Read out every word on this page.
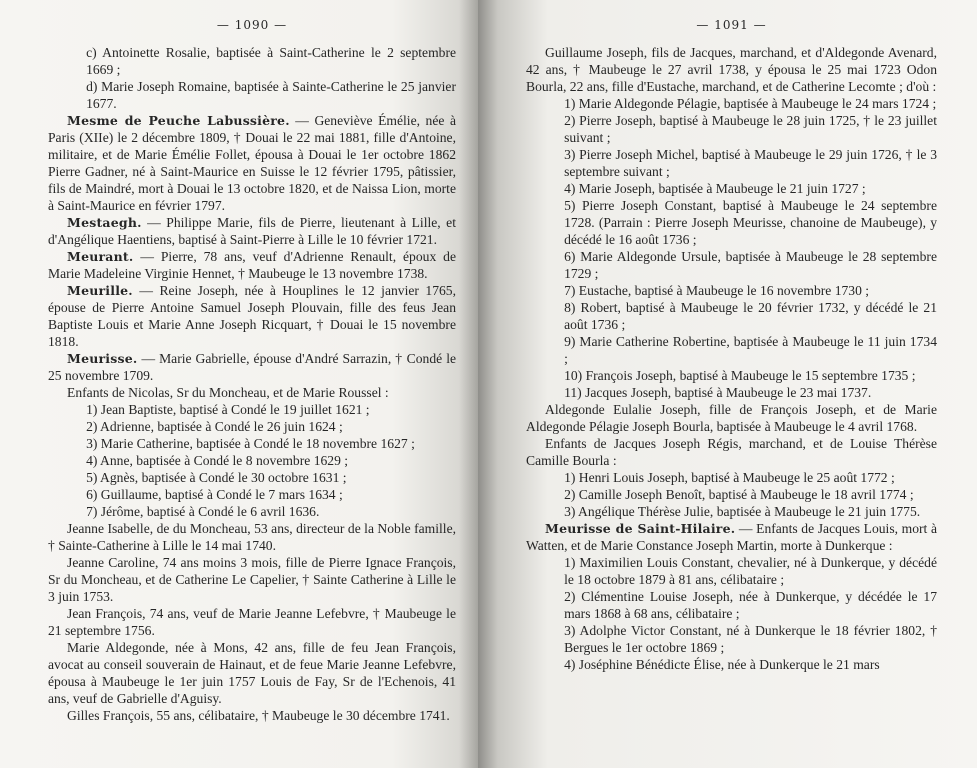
— 1090 —

c) Antoinette Rosalie, baptisée à Saint-Catherine le 2 septembre 1669 ;

d) Marie Joseph Romaine, baptisée à Sainte-Catherine le 25 janvier 1677.

Mesme de Peuche Labussière. — Geneviève Émélie, née à Paris (XIIe) le 2 décembre 1809, † Douai le 22 mai 1881, fille d'Antoine, militaire, et de Marie Émélie Follet, épousa à Douai le 1er octobre 1862 Pierre Gadner, né à Saint-Maurice en Suisse le 12 février 1795, pâtissier, fils de Maindré, mort à Douai le 13 octobre 1820, et de Naissa Lion, morte à Saint-Maurice en février 1797.

Mestaegh. — Philippe Marie, fils de Pierre, lieutenant à Lille, et d'Angélique Haentiens, baptisé à Saint-Pierre à Lille le 10 février 1721.

Meurant. — Pierre, 78 ans, veuf d'Adrienne Renault, époux de Marie Madeleine Virginie Hennet, † Maubeuge le 13 novembre 1738.

Meurille. — Reine Joseph, née à Houplines le 12 janvier 1765, épouse de Pierre Antoine Samuel Joseph Plouvain, fille des feus Jean Baptiste Louis et Marie Anne Joseph Ricquart, † Douai le 15 novembre 1818.

Meurisse. — Marie Gabrielle, épouse d'André Sarrazin, † Condé le 25 novembre 1709.

Enfants de Nicolas, Sr du Moncheau, et de Marie Roussel :

1) Jean Baptiste, baptisé à Condé le 19 juillet 1621 ;

2) Adrienne, baptisée à Condé le 26 juin 1624 ;

3) Marie Catherine, baptisée à Condé le 18 novembre 1627 ;

4) Anne, baptisée à Condé le 8 novembre 1629 ;

5) Agnès, baptisée à Condé le 30 octobre 1631 ;

6) Guillaume, baptisé à Condé le 7 mars 1634 ;

7) Jérôme, baptisé à Condé le 6 avril 1636.

Jeanne Isabelle, de du Moncheau, 53 ans, directeur de la Noble famille, † Sainte-Catherine à Lille le 14 mai 1740.

Jeanne Caroline, 74 ans moins 3 mois, fille de Pierre Ignace François, Sr du Moncheau, et de Catherine Le Capelier, † Sainte Catherine à Lille le 3 juin 1753.

Jean François, 74 ans, veuf de Marie Jeanne Lefebvre, † Maubeuge le 21 septembre 1756.

Marie Aldegonde, née à Mons, 42 ans, fille de feu Jean François, avocat au conseil souverain de Hainaut, et de feue Marie Jeanne Lefebvre, épousa à Maubeuge le 1er juin 1757 Louis de Fay, Sr de l'Echenois, 41 ans, veuf de Gabrielle d'Aguisy.

Gilles François, 55 ans, célibataire, † Maubeuge le 30 décembre 1741.

— 1091 —

Guillaume Joseph, fils de Jacques, marchand, et d'Aldegonde Avenard, 42 ans, † Maubeuge le 27 avril 1738, y épousa le 25 mai 1723 Odon Bourla, 22 ans, fille d'Eustache, marchand, et de Catherine Lecomte ; d'où :

1) Marie Aldegonde Pélagie, baptisée à Maubeuge le 24 mars 1724 ;

2) Pierre Joseph, baptisé à Maubeuge le 28 juin 1725, † le 23 juillet suivant ;

3) Pierre Joseph Michel, baptisé à Maubeuge le 29 juin 1726, † le 3 septembre suivant ;

4) Marie Joseph, baptisée à Maubeuge le 21 juin 1727 ;

5) Pierre Joseph Constant, baptisé à Maubeuge le 24 septembre 1728. (Parrain : Pierre Joseph Meurisse, chanoine de Maubeuge), y décédé le 16 août 1736 ;

6) Marie Aldegonde Ursule, baptisée à Maubeuge le 28 septembre 1729 ;

7) Eustache, baptisé à Maubeuge le 16 novembre 1730 ;

8) Robert, baptisé à Maubeuge le 20 février 1732, y décédé le 21 août 1736 ;

9) Marie Catherine Robertine, baptisée à Maubeuge le 11 juin 1734 ;

10) François Joseph, baptisé à Maubeuge le 15 septembre 1735 ;

11) Jacques Joseph, baptisé à Maubeuge le 23 mai 1737.

Aldegonde Eulalie Joseph, fille de François Joseph, et de Marie Aldegonde Pélagie Joseph Bourla, baptisée à Maubeuge le 4 avril 1768.

Enfants de Jacques Joseph Régis, marchand, et de Louise Thérèse Camille Bourla :

1) Henri Louis Joseph, baptisé à Maubeuge le 25 août 1772 ;

2) Camille Joseph Benoît, baptisé à Maubeuge le 18 avril 1774 ;

3) Angélique Thérèse Julie, baptisée à Maubeuge le 21 juin 1775.

Meurisse de Saint-Hilaire. — Enfants de Jacques Louis, mort à Watten, et de Marie Constance Joseph Martin, morte à Dunkerque :

1) Maximilien Louis Constant, chevalier, né à Dunkerque, y décédé le 18 octobre 1879 à 81 ans, célibataire ;

2) Clémentine Louise Joseph, née à Dunkerque, y décédée le 17 mars 1868 à 68 ans, célibataire ;

3) Adolphe Victor Constant, né à Dunkerque le 18 février 1802, † Bergues le 1er octobre 1869 ;

4) Joséphine Bénédicte Élise, née à Dunkerque le 21 mars
